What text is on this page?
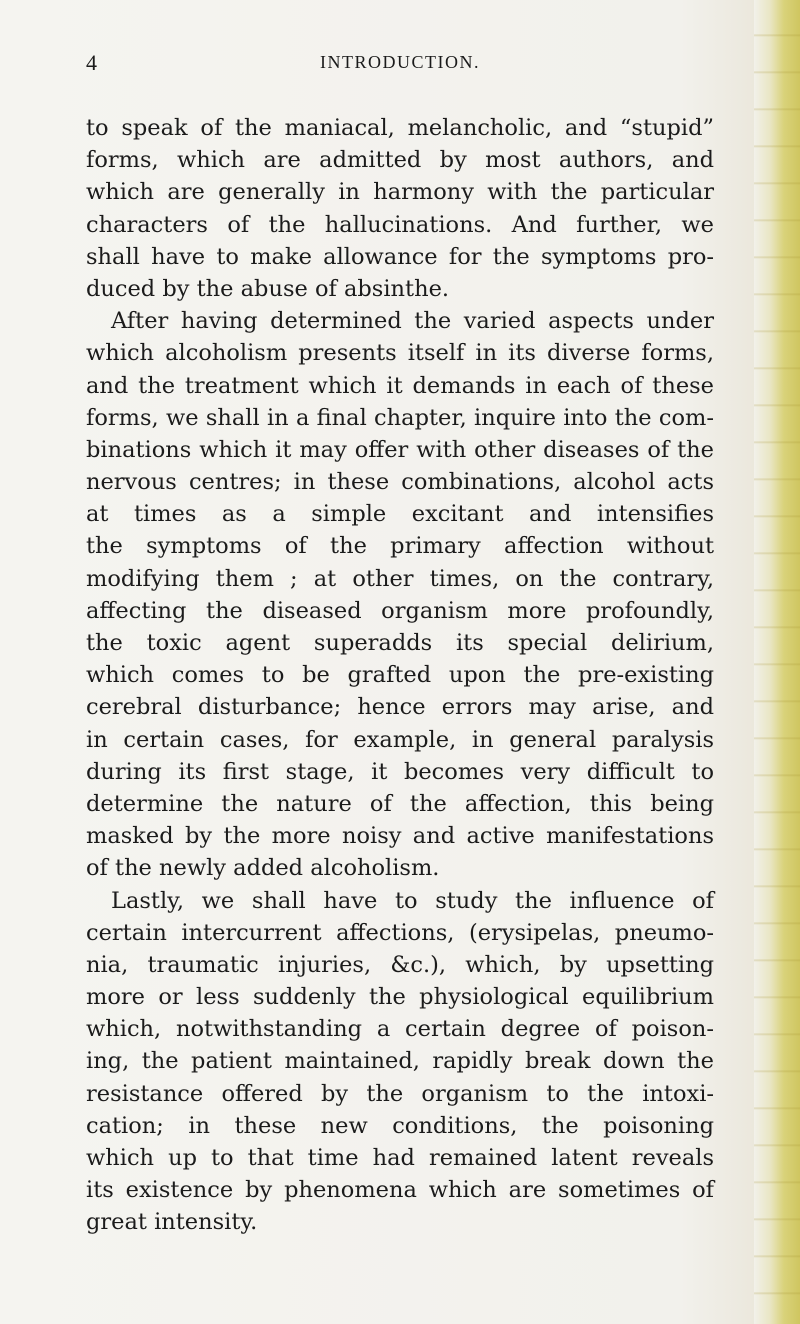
4	INTRODUCTION.
to speak of the maniacal, melancholic, and “stupid”
forms, which are admitted by most authors, and
which are generally in harmony with the particular
characters of the hallucinations. And further, we
shall have to make allowance for the symptoms pro-
duced by the abuse of absinthe.
After having determined the varied aspects under
which alcoholism presents itself in its diverse forms,
and the treatment which it demands in each of these
forms, we shall in a final chapter, inquire into the com-
binations which it may offer with other diseases of the
nervous centres; in these combinations, alcohol acts
at times as a simple excitant and intensifies
the symptoms of the primary affection without
modifying them ; at other times, on the contrary,
affecting the diseased organism more profoundly,
the toxic agent superadds its special delirium,
which comes to be grafted upon the pre-existing
cerebral disturbance; hence errors may arise, and
in certain cases, for example, in general paralysis
during its first stage, it becomes very difficult to
determine the nature of the affection, this being
masked by the more noisy and active manifestations
of the newly added alcoholism.
Lastly, we shall have to study the influence of
certain intercurrent affections, (erysipelas, pneumo-
nia, traumatic injuries, &c.), which, by upsetting
more or less suddenly the physiological equilibrium
which, notwithstanding a certain degree of poison-
ing, the patient maintained, rapidly break down the
resistance offered by the organism to the intoxi-
cation; in these new conditions, the poisoning
which up to that time had remained latent reveals
its existence by phenomena which are sometimes of
great intensity.
